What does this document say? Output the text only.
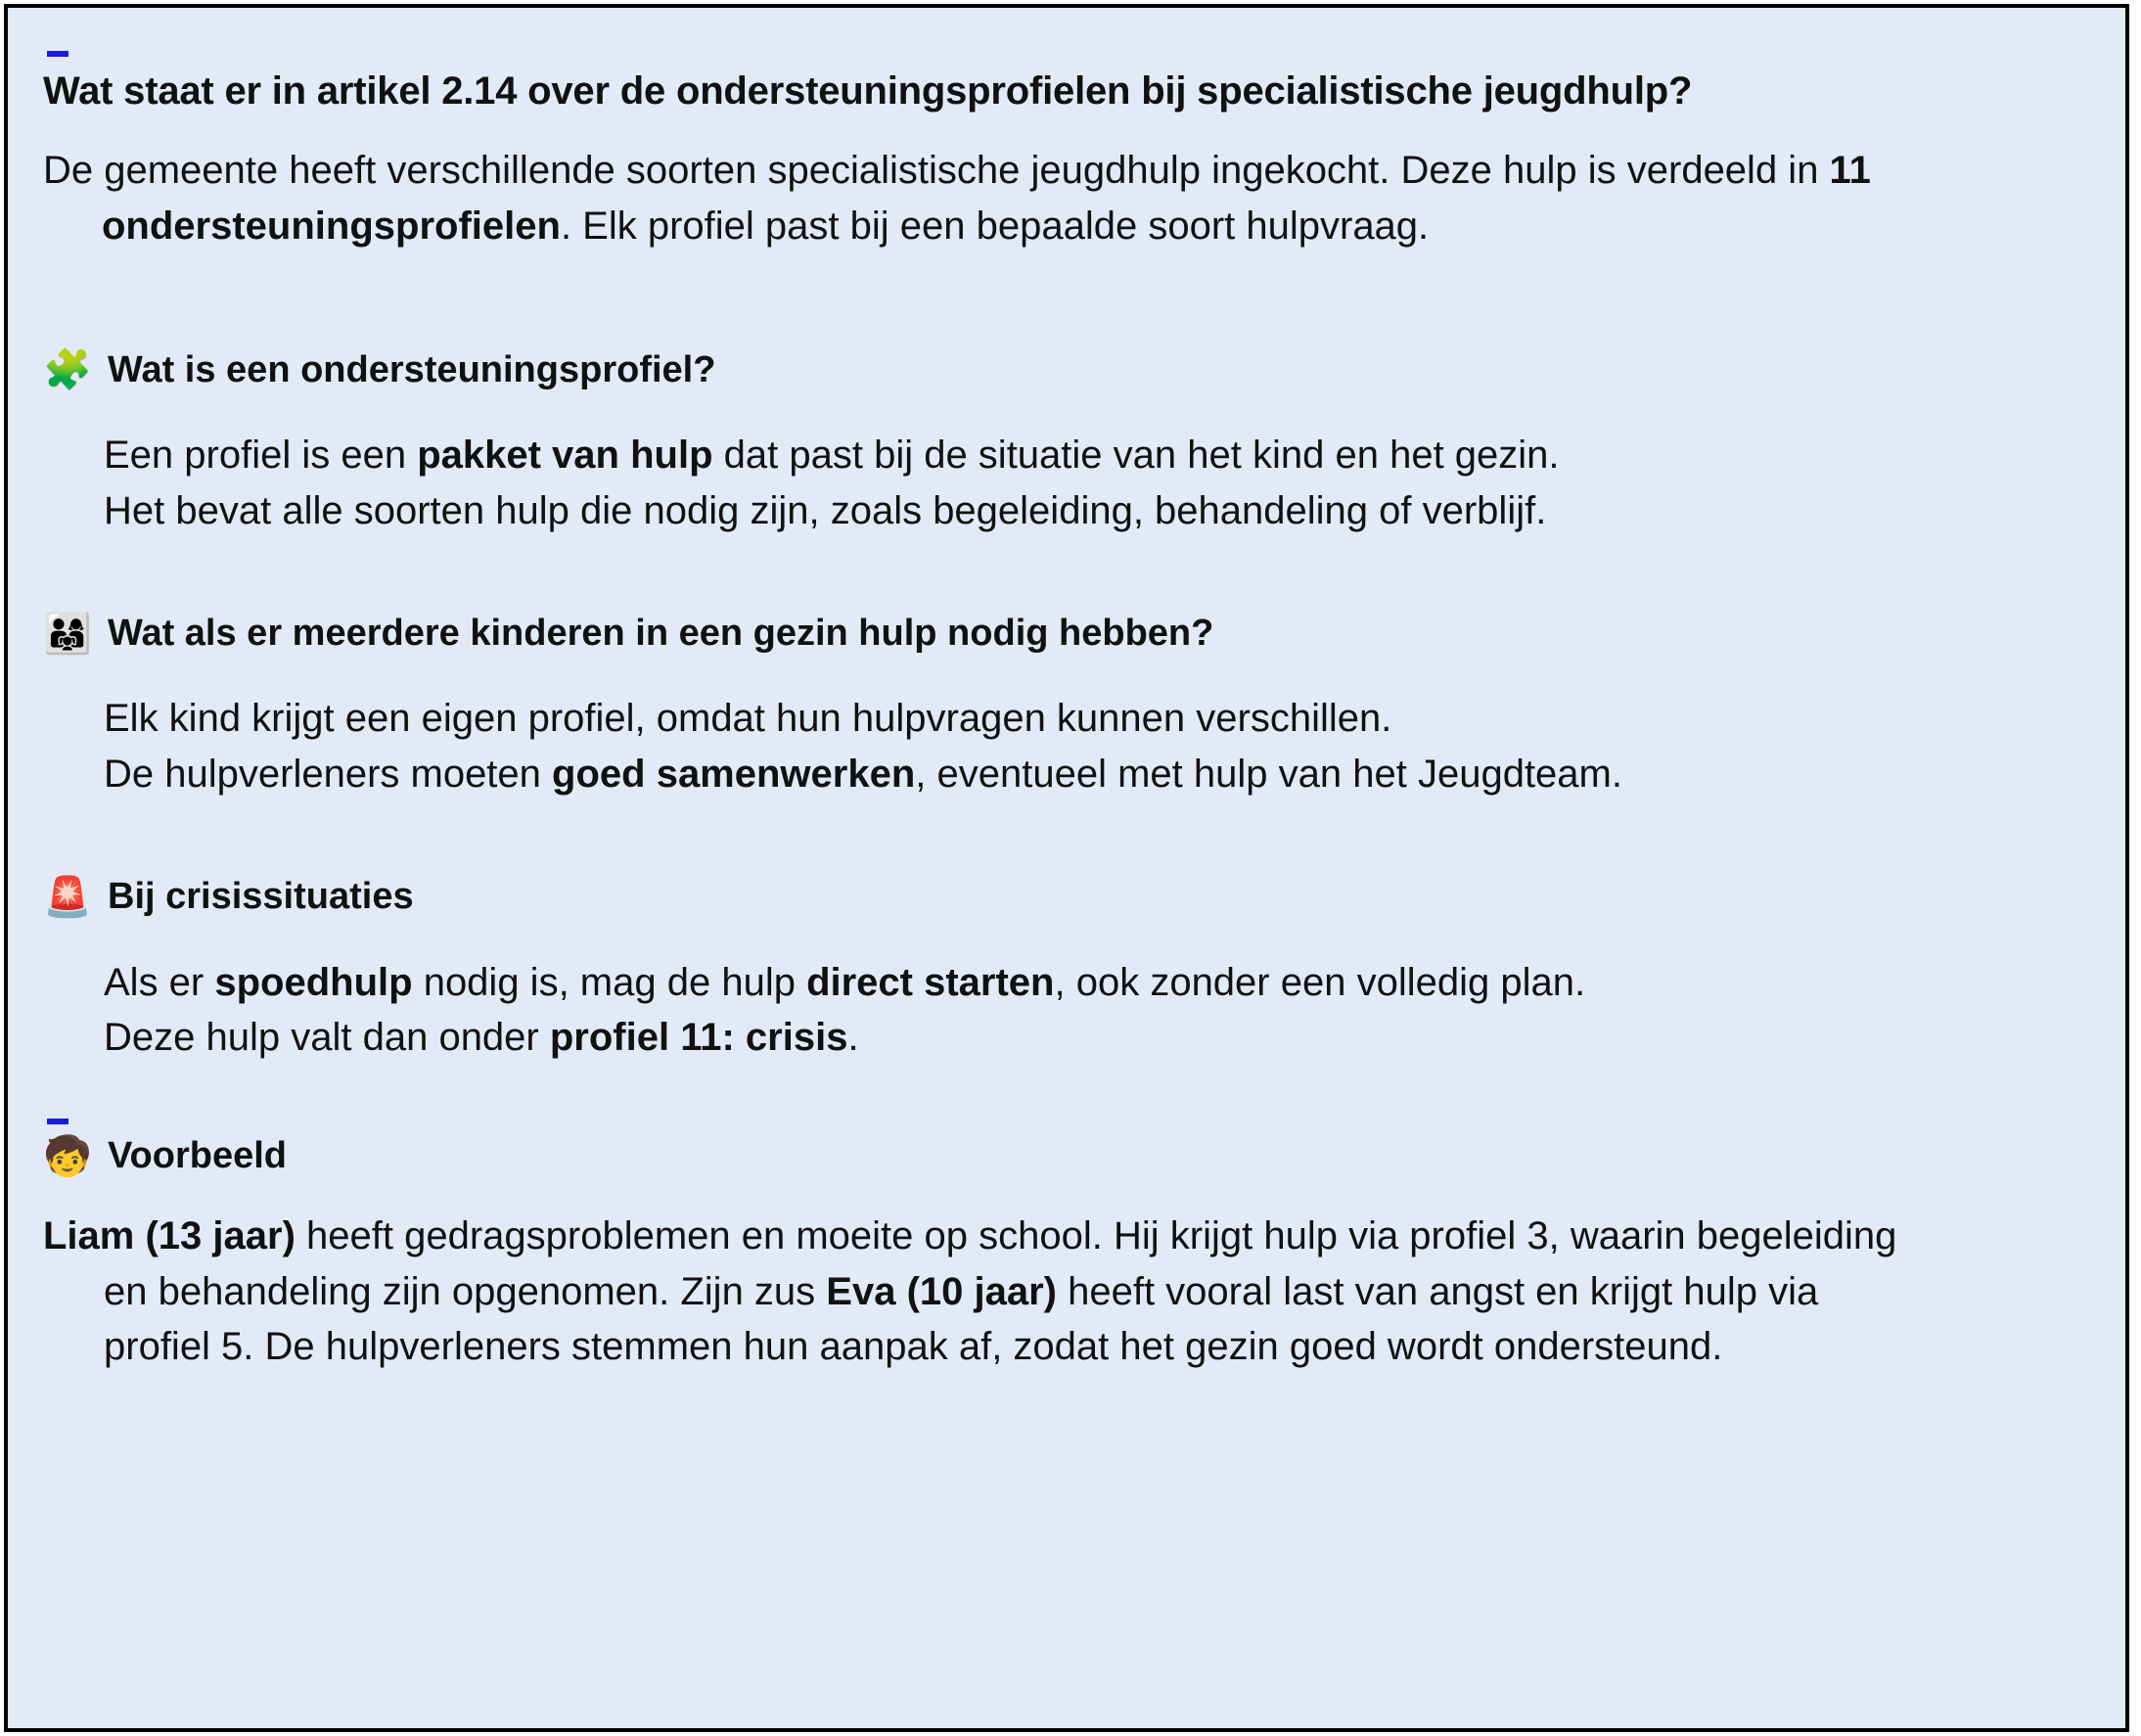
Wat staat er in artikel 2.14 over de ondersteuningsprofielen bij specialistische jeugdhulp?

De gemeente heeft verschillende soorten specialistische jeugdhulp ingekocht. Deze hulp is verdeeld in 11
ondersteuningsprofielen. Elk profiel past bij een bepaalde soort hulpvraag.

🧩 Wat is een ondersteuningsprofiel?

Een profiel is een pakket van hulp dat past bij de situatie van het kind en het gezin.
Het bevat alle soorten hulp die nodig zijn, zoals begeleiding, behandeling of verblijf.

👨‍👩‍👧 Wat als er meerdere kinderen in een gezin hulp nodig hebben?

Elk kind krijgt een eigen profiel, omdat hun hulpvragen kunnen verschillen.
De hulpverleners moeten goed samenwerken, eventueel met hulp van het Jeugdteam.

🚨 Bij crisissituaties

Als er spoedhulp nodig is, mag de hulp direct starten, ook zonder een volledig plan.
Deze hulp valt dan onder profiel 11: crisis.

🧒 Voorbeeld

Liam (13 jaar) heeft gedragsproblemen en moeite op school. Hij krijgt hulp via profiel 3, waarin begeleiding
en behandeling zijn opgenomen. Zijn zus Eva (10 jaar) heeft vooral last van angst en krijgt hulp via
profiel 5. De hulpverleners stemmen hun aanpak af, zodat het gezin goed wordt ondersteund.
